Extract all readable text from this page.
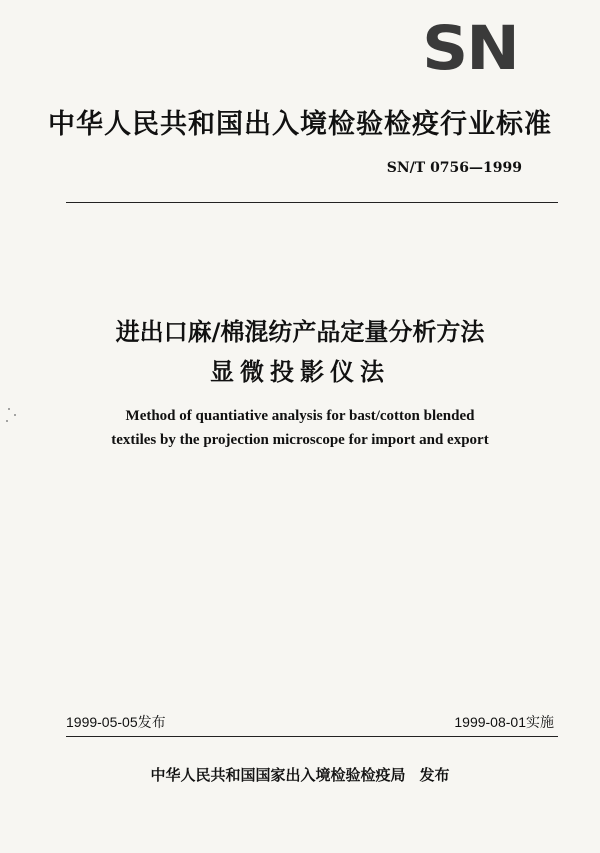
SN
中华人民共和国出入境检验检疫行业标准
SN/T 0756—1999
进出口麻/棉混纺产品定量分析方法
显微投影仪法
Method of quantiative analysis for bast/cotton blended
textiles by the projection microscope for import and export
1999-05-05发布	1999-08-01实施
中华人民共和国国家出入境检验检疫局 发布
